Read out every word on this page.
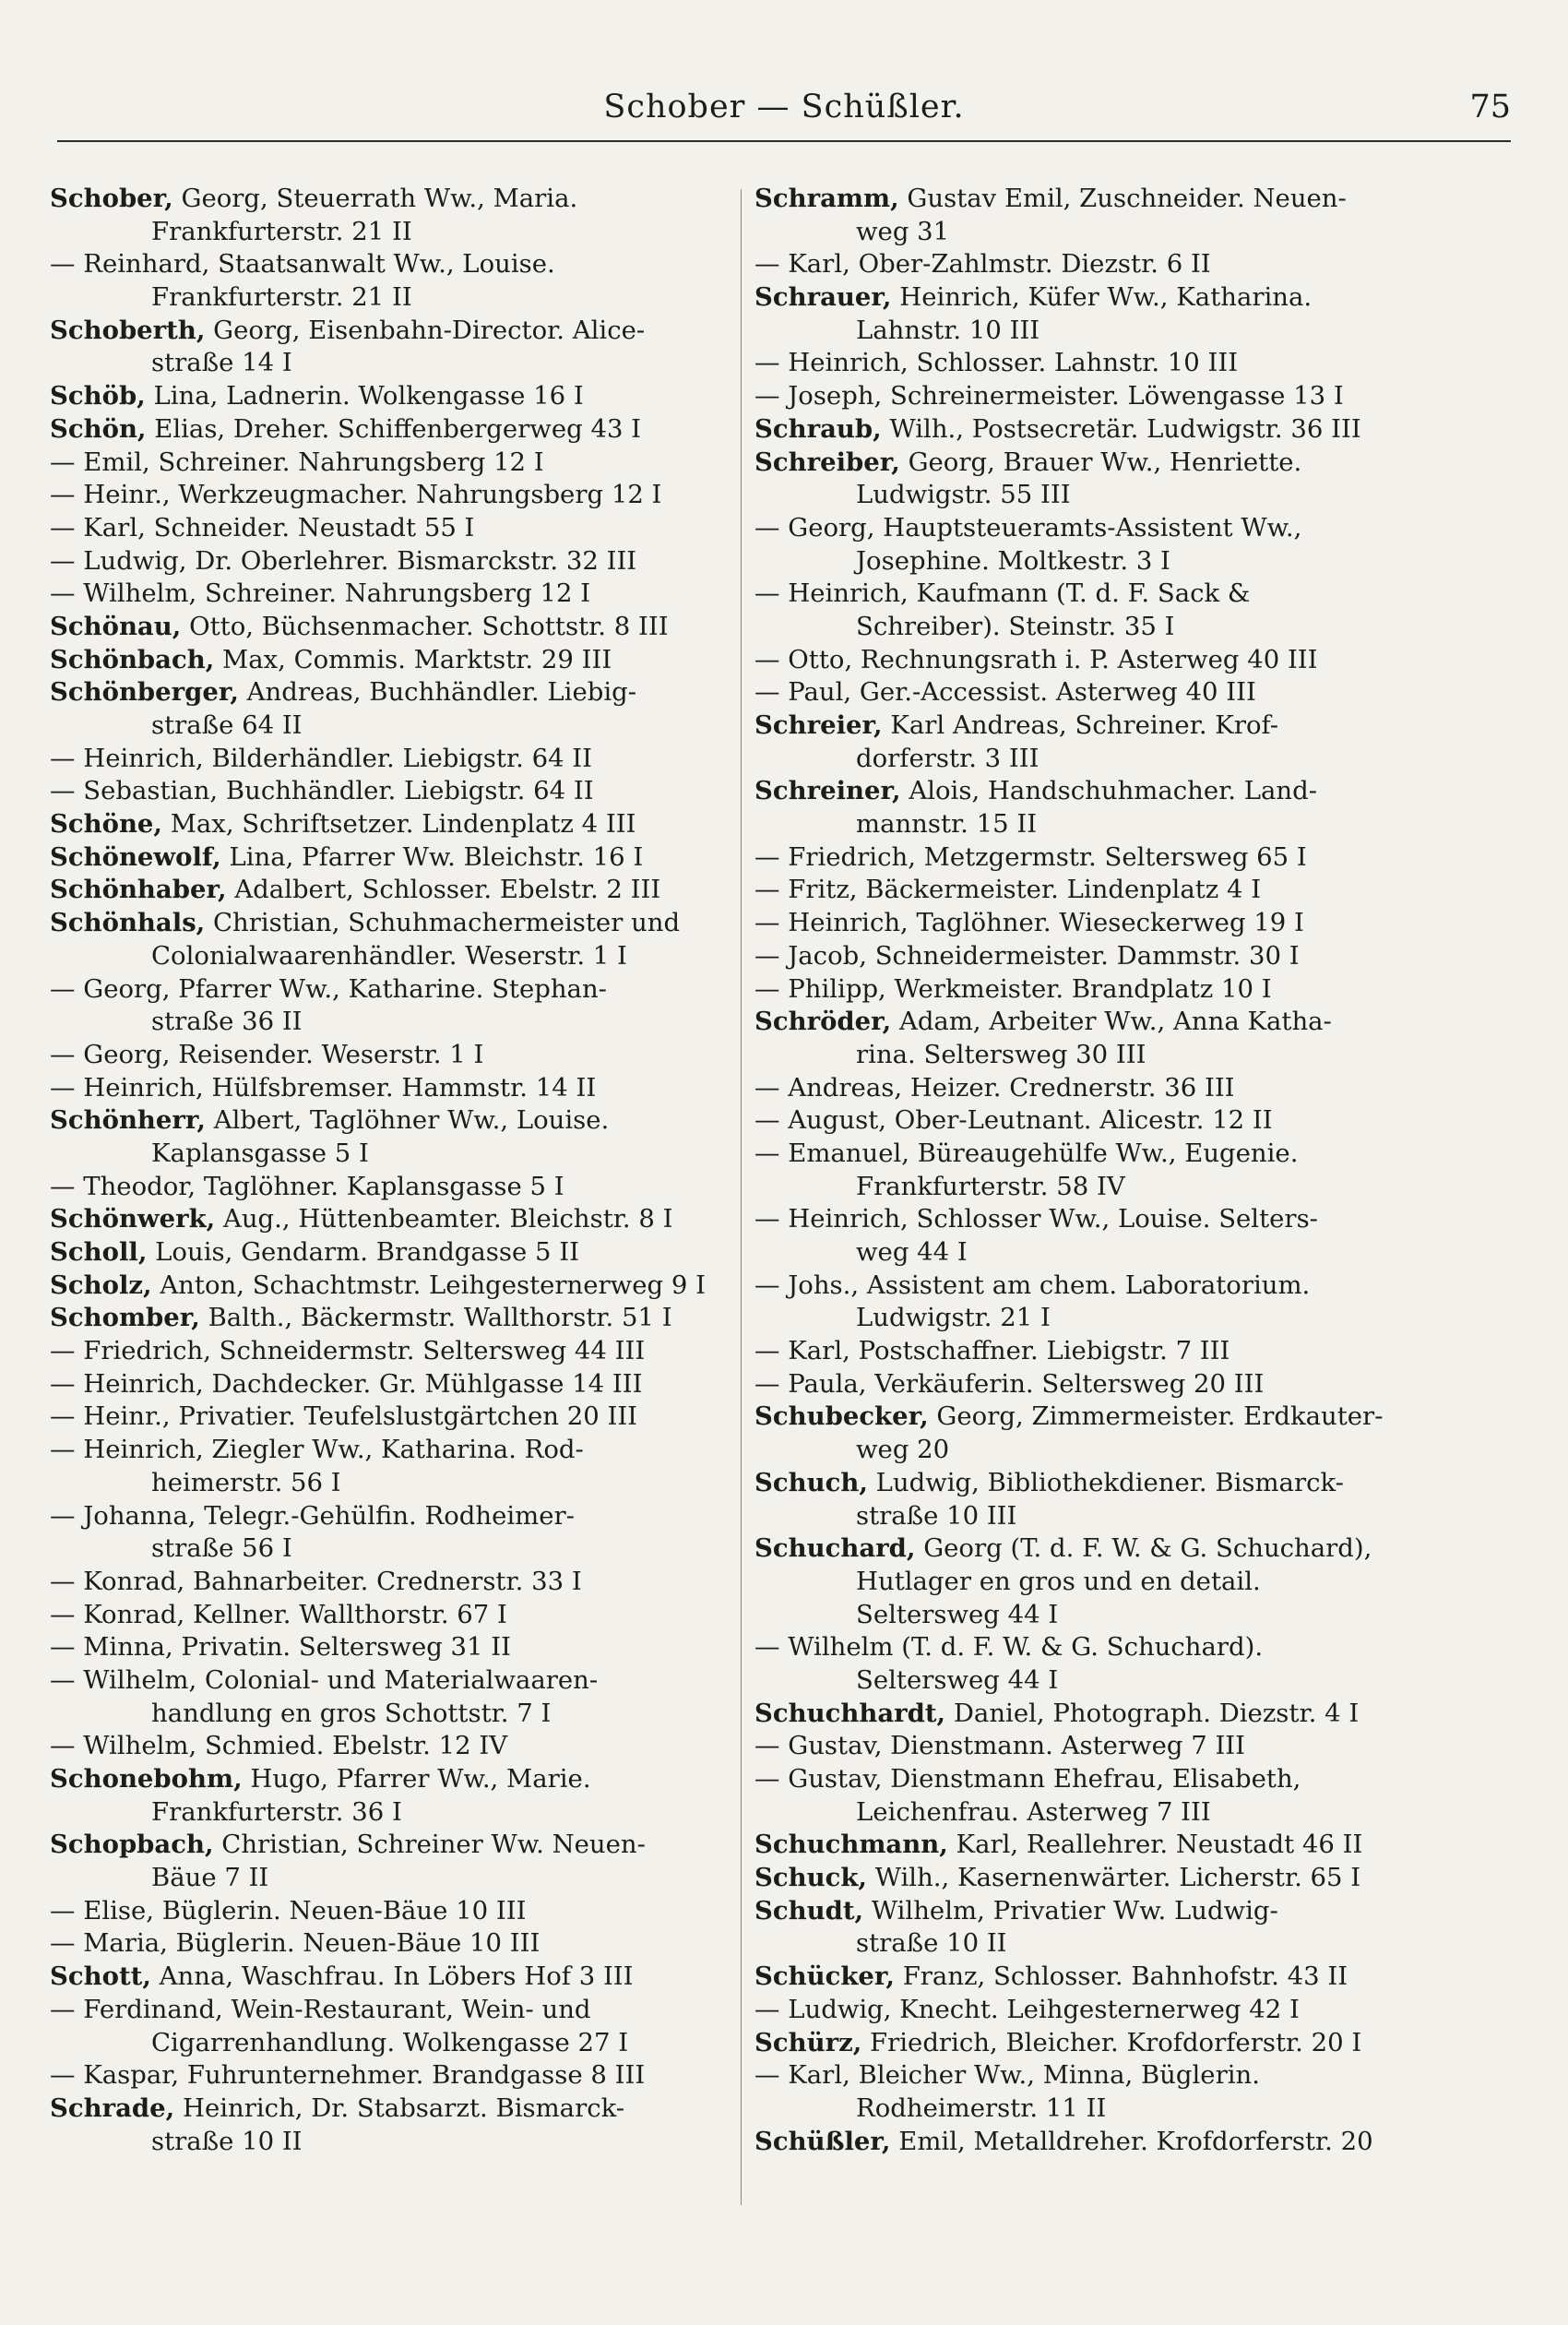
Schober — Schüßler.	75
Schober, Georg, Steuerrath Ww., Maria.
Frankfurterstr. 21 II
— Reinhard, Staatsanwalt Ww., Louise.
Frankfurterstr. 21 II
Schoberth, Georg, Eisenbahn-Director. Alice-
straße 14 I
Schöb, Lina, Ladnerin. Wolkengasse 16 I
Schön, Elias, Dreher. Schiffenbergerweg 43 I
— Emil, Schreiner. Nahrungsberg 12 I
— Heinr., Werkzeugmacher. Nahrungsberg 12 I
— Karl, Schneider. Neustadt 55 I
— Ludwig, Dr. Oberlehrer. Bismarckstr. 32 III
— Wilhelm, Schreiner. Nahrungsberg 12 I
Schönau, Otto, Büchsenmacher. Schottstr. 8 III
Schönbach, Max, Commis. Marktstr. 29 III
Schönberger, Andreas, Buchhändler. Liebig-
straße 64 II
— Heinrich, Bilderhändler. Liebigstr. 64 II
— Sebastian, Buchhändler. Liebigstr. 64 II
Schöne, Max, Schriftsetzer. Lindenplatz 4 III
Schönewolf, Lina, Pfarrer Ww. Bleichstr. 16 I
Schönhaber, Adalbert, Schlosser. Ebelstr. 2 III
Schönhals, Christian, Schuhmachermeister und
Colonialwaarenhändler. Weserstr. 1 I
— Georg, Pfarrer Ww., Katharine. Stephan-
straße 36 II
— Georg, Reisender. Weserstr. 1 I
— Heinrich, Hülfsbremser. Hammstr. 14 II
Schönherr, Albert, Taglöhner Ww., Louise.
Kaplansgasse 5 I
— Theodor, Taglöhner. Kaplansgasse 5 I
Schönwerk, Aug., Hüttenbeamter. Bleichstr. 8 I
Scholl, Louis, Gendarm. Brandgasse 5 II
Scholz, Anton, Schachtmstr. Leihgesternerweg 9 I
Schomber, Balth., Bäckermstr. Wallthorstr. 51 I
— Friedrich, Schneidermstr. Seltersweg 44 III
— Heinrich, Dachdecker. Gr. Mühlgasse 14 III
— Heinr., Privatier. Teufelslustgärtchen 20 III
— Heinrich, Ziegler Ww., Katharina. Rod-
heimerstr. 56 I
— Johanna, Telegr.-Gehülfin. Rodheimer-
straße 56 I
— Konrad, Bahnarbeiter. Crednerstr. 33 I
— Konrad, Kellner. Wallthorstr. 67 I
— Minna, Privatin. Seltersweg 31 II
— Wilhelm, Colonial- und Materialwaaren-
handlung en gros Schottstr. 7 I
— Wilhelm, Schmied. Ebelstr. 12 IV
Schonebohm, Hugo, Pfarrer Ww., Marie.
Frankfurterstr. 36 I
Schopbach, Christian, Schreiner Ww. Neuen-
Bäue 7 II
— Elise, Büglerin. Neuen-Bäue 10 III
— Maria, Büglerin. Neuen-Bäue 10 III
Schott, Anna, Waschfrau. In Löbers Hof 3 III
— Ferdinand, Wein-Restaurant, Wein- und
Cigarrenhandlung. Wolkengasse 27 I
— Kaspar, Fuhrunternehmer. Brandgasse 8 III
Schrade, Heinrich, Dr. Stabsarzt. Bismarck-
straße 10 II
Schramm, Gustav Emil, Zuschneider. Neuen-
weg 31
— Karl, Ober-Zahlmstr. Diezstr. 6 II
Schrauer, Heinrich, Küfer Ww., Katharina.
Lahnstr. 10 III
— Heinrich, Schlosser. Lahnstr. 10 III
— Joseph, Schreinermeister. Löwengasse 13 I
Schraub, Wilh., Postsecretär. Ludwigstr. 36 III
Schreiber, Georg, Brauer Ww., Henriette.
Ludwigstr. 55 III
— Georg, Hauptsteueramts-Assistent Ww.,
Josephine. Moltkestr. 3 I
— Heinrich, Kaufmann (T. d. F. Sack &
Schreiber). Steinstr. 35 I
— Otto, Rechnungsrath i. P. Asterweg 40 III
— Paul, Ger.-Accessist. Asterweg 40 III
Schreier, Karl Andreas, Schreiner. Krof-
dorferstr. 3 III
Schreiner, Alois, Handschuhmacher. Land-
mannstr. 15 II
— Friedrich, Metzgermstr. Seltersweg 65 I
— Fritz, Bäckermeister. Lindenplatz 4 I
— Heinrich, Taglöhner. Wieseckerweg 19 I
— Jacob, Schneidermeister. Dammstr. 30 I
— Philipp, Werkmeister. Brandplatz 10 I
Schröder, Adam, Arbeiter Ww., Anna Katha-
rina. Seltersweg 30 III
— Andreas, Heizer. Crednerstr. 36 III
— August, Ober-Leutnant. Alicestr. 12 II
— Emanuel, Büreaugehülfe Ww., Eugenie.
Frankfurterstr. 58 IV
— Heinrich, Schlosser Ww., Louise. Selters-
weg 44 I
— Johs., Assistent am chem. Laboratorium.
Ludwigstr. 21 I
— Karl, Postschaffner. Liebigstr. 7 III
— Paula, Verkäuferin. Seltersweg 20 III
Schubecker, Georg, Zimmermeister. Erdkauter-
weg 20
Schuch, Ludwig, Bibliothekdiener. Bismarck-
straße 10 III
Schuchard, Georg (T. d. F. W. & G. Schuchard),
Hutlager en gros und en detail.
Seltersweg 44 I
— Wilhelm (T. d. F. W. & G. Schuchard).
Seltersweg 44 I
Schuchhardt, Daniel, Photograph. Diezstr. 4 I
— Gustav, Dienstmann. Asterweg 7 III
— Gustav, Dienstmann Ehefrau, Elisabeth,
Leichenfrau. Asterweg 7 III
Schuchmann, Karl, Reallehrer. Neustadt 46 II
Schuck, Wilh., Kasernenwärter. Licherstr. 65 I
Schudt, Wilhelm, Privatier Ww. Ludwig-
straße 10 II
Schücker, Franz, Schlosser. Bahnhofstr. 43 II
— Ludwig, Knecht. Leihgesternerweg 42 I
Schürz, Friedrich, Bleicher. Krofdorferstr. 20 I
— Karl, Bleicher Ww., Minna, Büglerin.
Rodheimerstr. 11 II
Schüßler, Emil, Metalldreher. Krofdorferstr. 20
